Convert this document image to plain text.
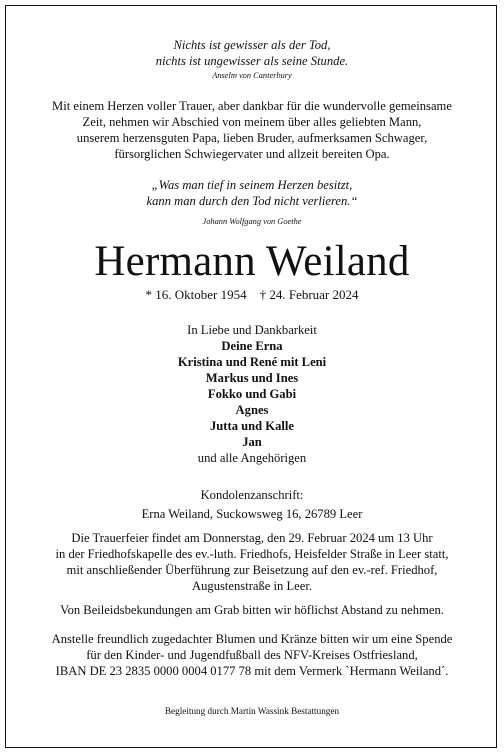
Nichts ist gewisser als der Tod,
nichts ist ungewisser als seine Stunde.
Anselm von Canterbury
Mit einem Herzen voller Trauer, aber dankbar für die wundervolle gemeinsame
Zeit, nehmen wir Abschied von meinem über alles geliebten Mann,
unserem herzensguten Papa, lieben Bruder, aufmerksamen Schwager,
fürsorglichen Schwiegervater und allzeit bereiten Opa.
„Was man tief in seinem Herzen besitzt,
kann man durch den Tod nicht verlieren.“
Johann Wolfgang von Goethe
Hermann Weiland
* 16. Oktober 1954    † 24. Februar 2024
In Liebe und Dankbarkeit
Deine Erna
Kristina und René mit Leni
Markus und Ines
Fokko und Gabi
Agnes
Jutta und Kalle
Jan
und alle Angehörigen
Kondolenzanschrift:
Erna Weiland, Suckowsweg 16, 26789 Leer
Die Trauerfeier findet am Donnerstag, den 29. Februar 2024 um 13 Uhr
in der Friedhofskapelle des ev.-luth. Friedhofs, Heisfelder Straße in Leer statt,
mit anschließender Überführung zur Beisetzung auf den ev.-ref. Friedhof,
Augustenstraße in Leer.
Von Beileidsbekundungen am Grab bitten wir höflichst Abstand zu nehmen.
Anstelle freundlich zugedachter Blumen und Kränze bitten wir um eine Spende
für den Kinder- und Jugendfußball des NFV-Kreises Ostfriesland,
IBAN DE 23 2835 0000 0004 0177 78 mit dem Vermerk `Hermann Weiland´.
Begleitung durch Martin Wassink Bestattungen
